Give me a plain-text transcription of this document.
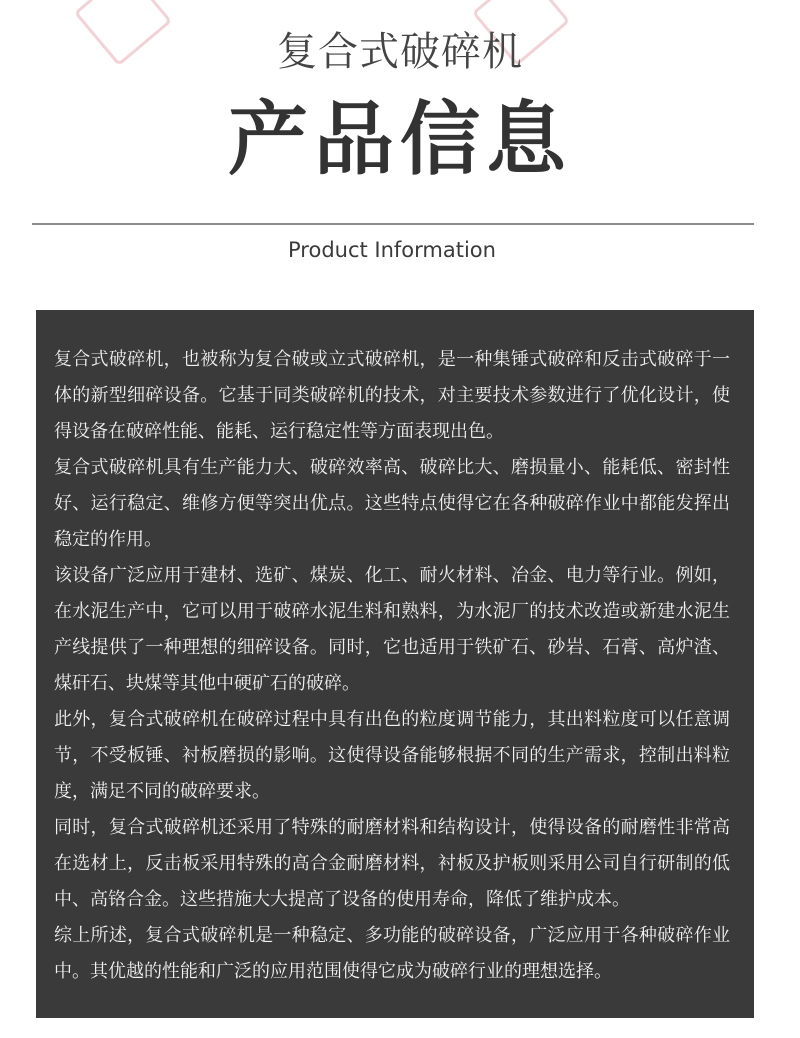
复合式破碎机
产品信息
Product Information

复合式破碎机，也被称为复合破或立式破碎机，是一种集锤式破碎和反击式破碎于一体的新型细碎设备。它基于同类破碎机的技术，对主要技术参数进行了优化设计，使得设备在破碎性能、能耗、运行稳定性等方面表现出色。

复合式破碎机具有生产能力大、破碎效率高、破碎比大、磨损量小、能耗低、密封性好、运行稳定、维修方便等突出优点。这些特点使得它在各种破碎作业中都能发挥出稳定的作用。

该设备广泛应用于建材、选矿、煤炭、化工、耐火材料、冶金、电力等行业。例如，在水泥生产中，它可以用于破碎水泥生料和熟料，为水泥厂的技术改造或新建水泥生产线提供了一种理想的细碎设备。同时，它也适用于铁矿石、砂岩、石膏、高炉渣、煤矸石、块煤等其他中硬矿石的破碎。

此外，复合式破碎机在破碎过程中具有出色的粒度调节能力，其出料粒度可以任意调节，不受板锤、衬板磨损的影响。这使得设备能够根据不同的生产需求，控制出料粒度，满足不同的破碎要求。

同时，复合式破碎机还采用了特殊的耐磨材料和结构设计，使得设备的耐磨性非常高在选材上，反击板采用特殊的高合金耐磨材料，衬板及护板则采用公司自行研制的低中、高铬合金。这些措施大大提高了设备的使用寿命，降低了维护成本。

综上所述，复合式破碎机是一种稳定、多功能的破碎设备，广泛应用于各种破碎作业中。其优越的性能和广泛的应用范围使得它成为破碎行业的理想选择。
